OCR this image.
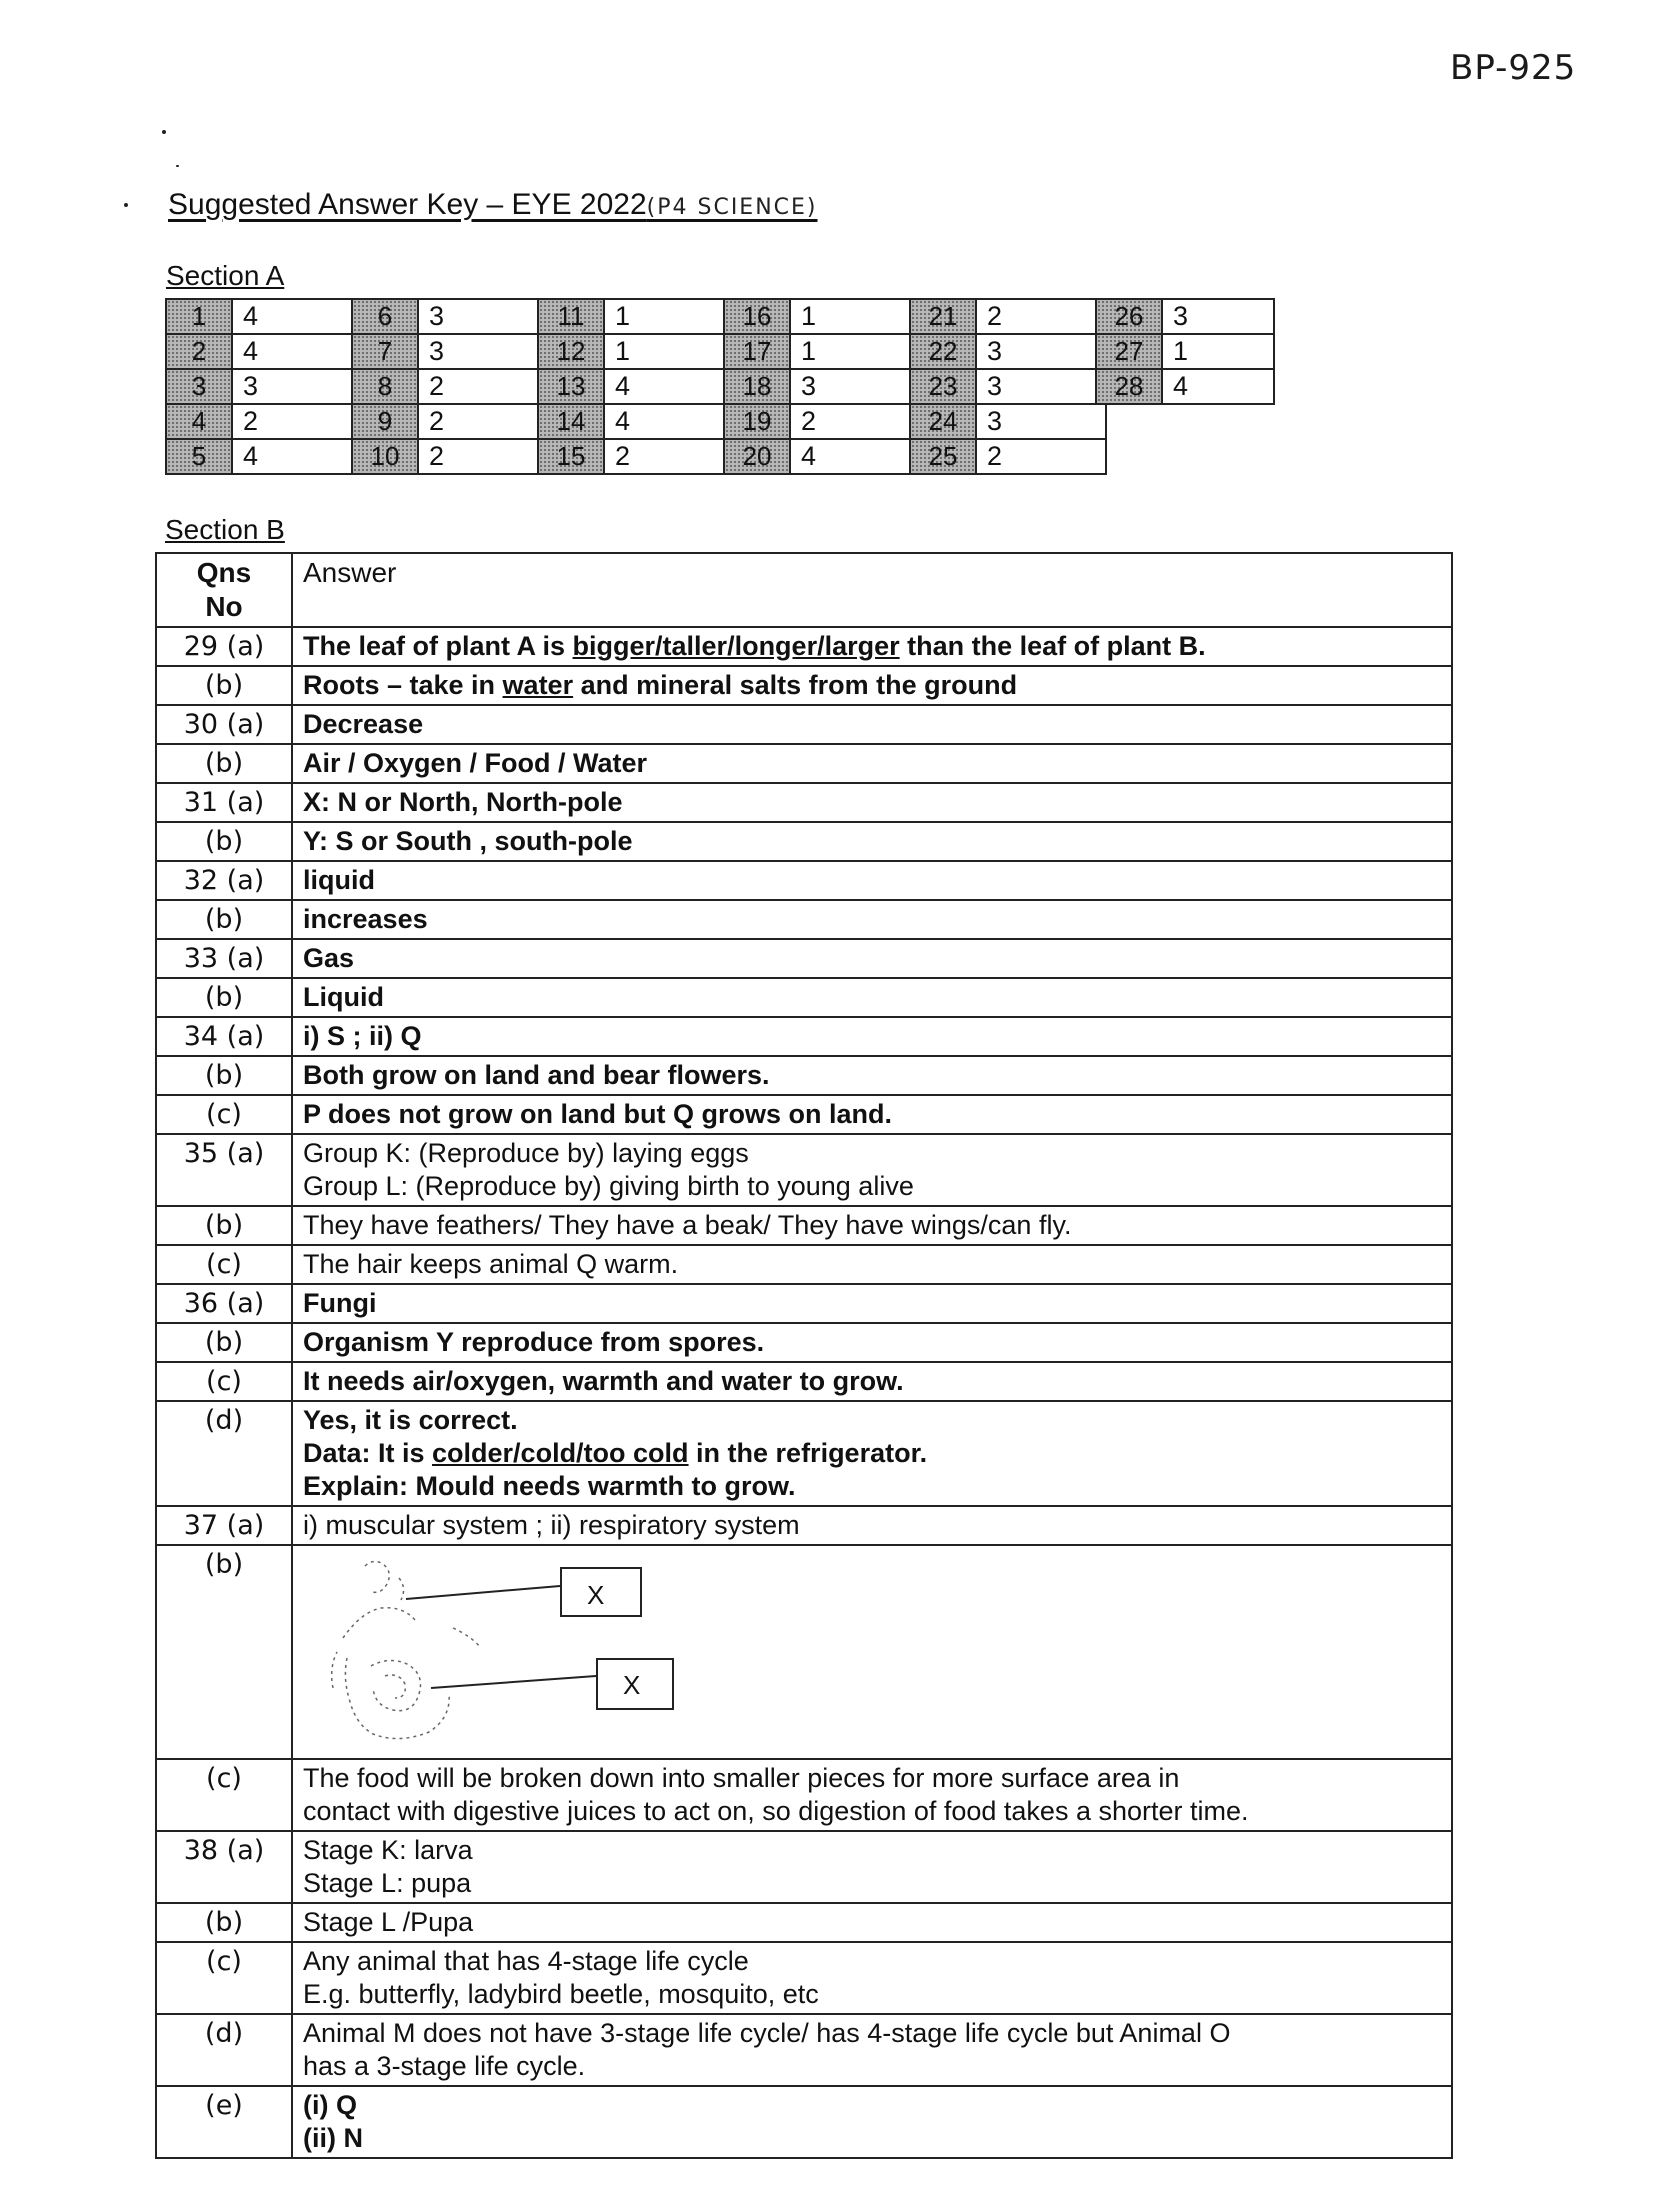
BP-925
Suggested Answer Key – EYE 2022(P4 SCIENCE)
Section A
1	4
2	4
3	3
4	2
5	4
6	3
7	3
8	2
9	2
10	2
11	1
12	1
13	4
14	4
15	2
16	1
17	1
18	3
19	2
20	4
21	2
22	3
23	3
24	3
25	2
26	3
27	1
28	4
Section B
Qns
No	Answer
29 (a)	The leaf of plant A is bigger/taller/longer/larger than the leaf of plant B.
(b)	Roots – take in water and mineral salts from the ground
30 (a)	Decrease
(b)	Air / Oxygen / Food / Water
31 (a)	X: N or North, North-pole
(b)	Y: S or South , south-pole
32 (a)	liquid
(b)	increases
33 (a)	Gas
(b)	Liquid
34 (a)	i) S ; ii) Q
(b)	Both grow on land and bear flowers.
(c)	P does not grow on land but Q grows on land.
35 (a)	Group K: (Reproduce by) laying eggs
Group L: (Reproduce by) giving birth to young alive
(b)	They have feathers/ They have a beak/ They have wings/can fly.
(c)	The hair keeps animal Q warm.
36 (a)	Fungi
(b)	Organism Y reproduce from spores.
(c)	It needs air/oxygen, warmth and water to grow.
(d)	Yes, it is correct.
Data: It is colder/cold/too cold in the refrigerator.
Explain: Mould needs warmth to grow.
37 (a)	i) muscular system ; ii) respiratory system
(b)	X
X

(c)	The food will be broken down into smaller pieces for more surface area in
contact with digestive juices to act on, so digestion of food takes a shorter time.
38 (a)	Stage K: larva
Stage L: pupa
(b)	Stage L /Pupa
(c)	Any animal that has 4-stage life cycle
E.g. butterfly, ladybird beetle, mosquito, etc
(d)	Animal M does not have 3-stage life cycle/ has 4-stage life cycle but Animal O
has a 3-stage life cycle.
(e)	(i) Q
(ii) N
